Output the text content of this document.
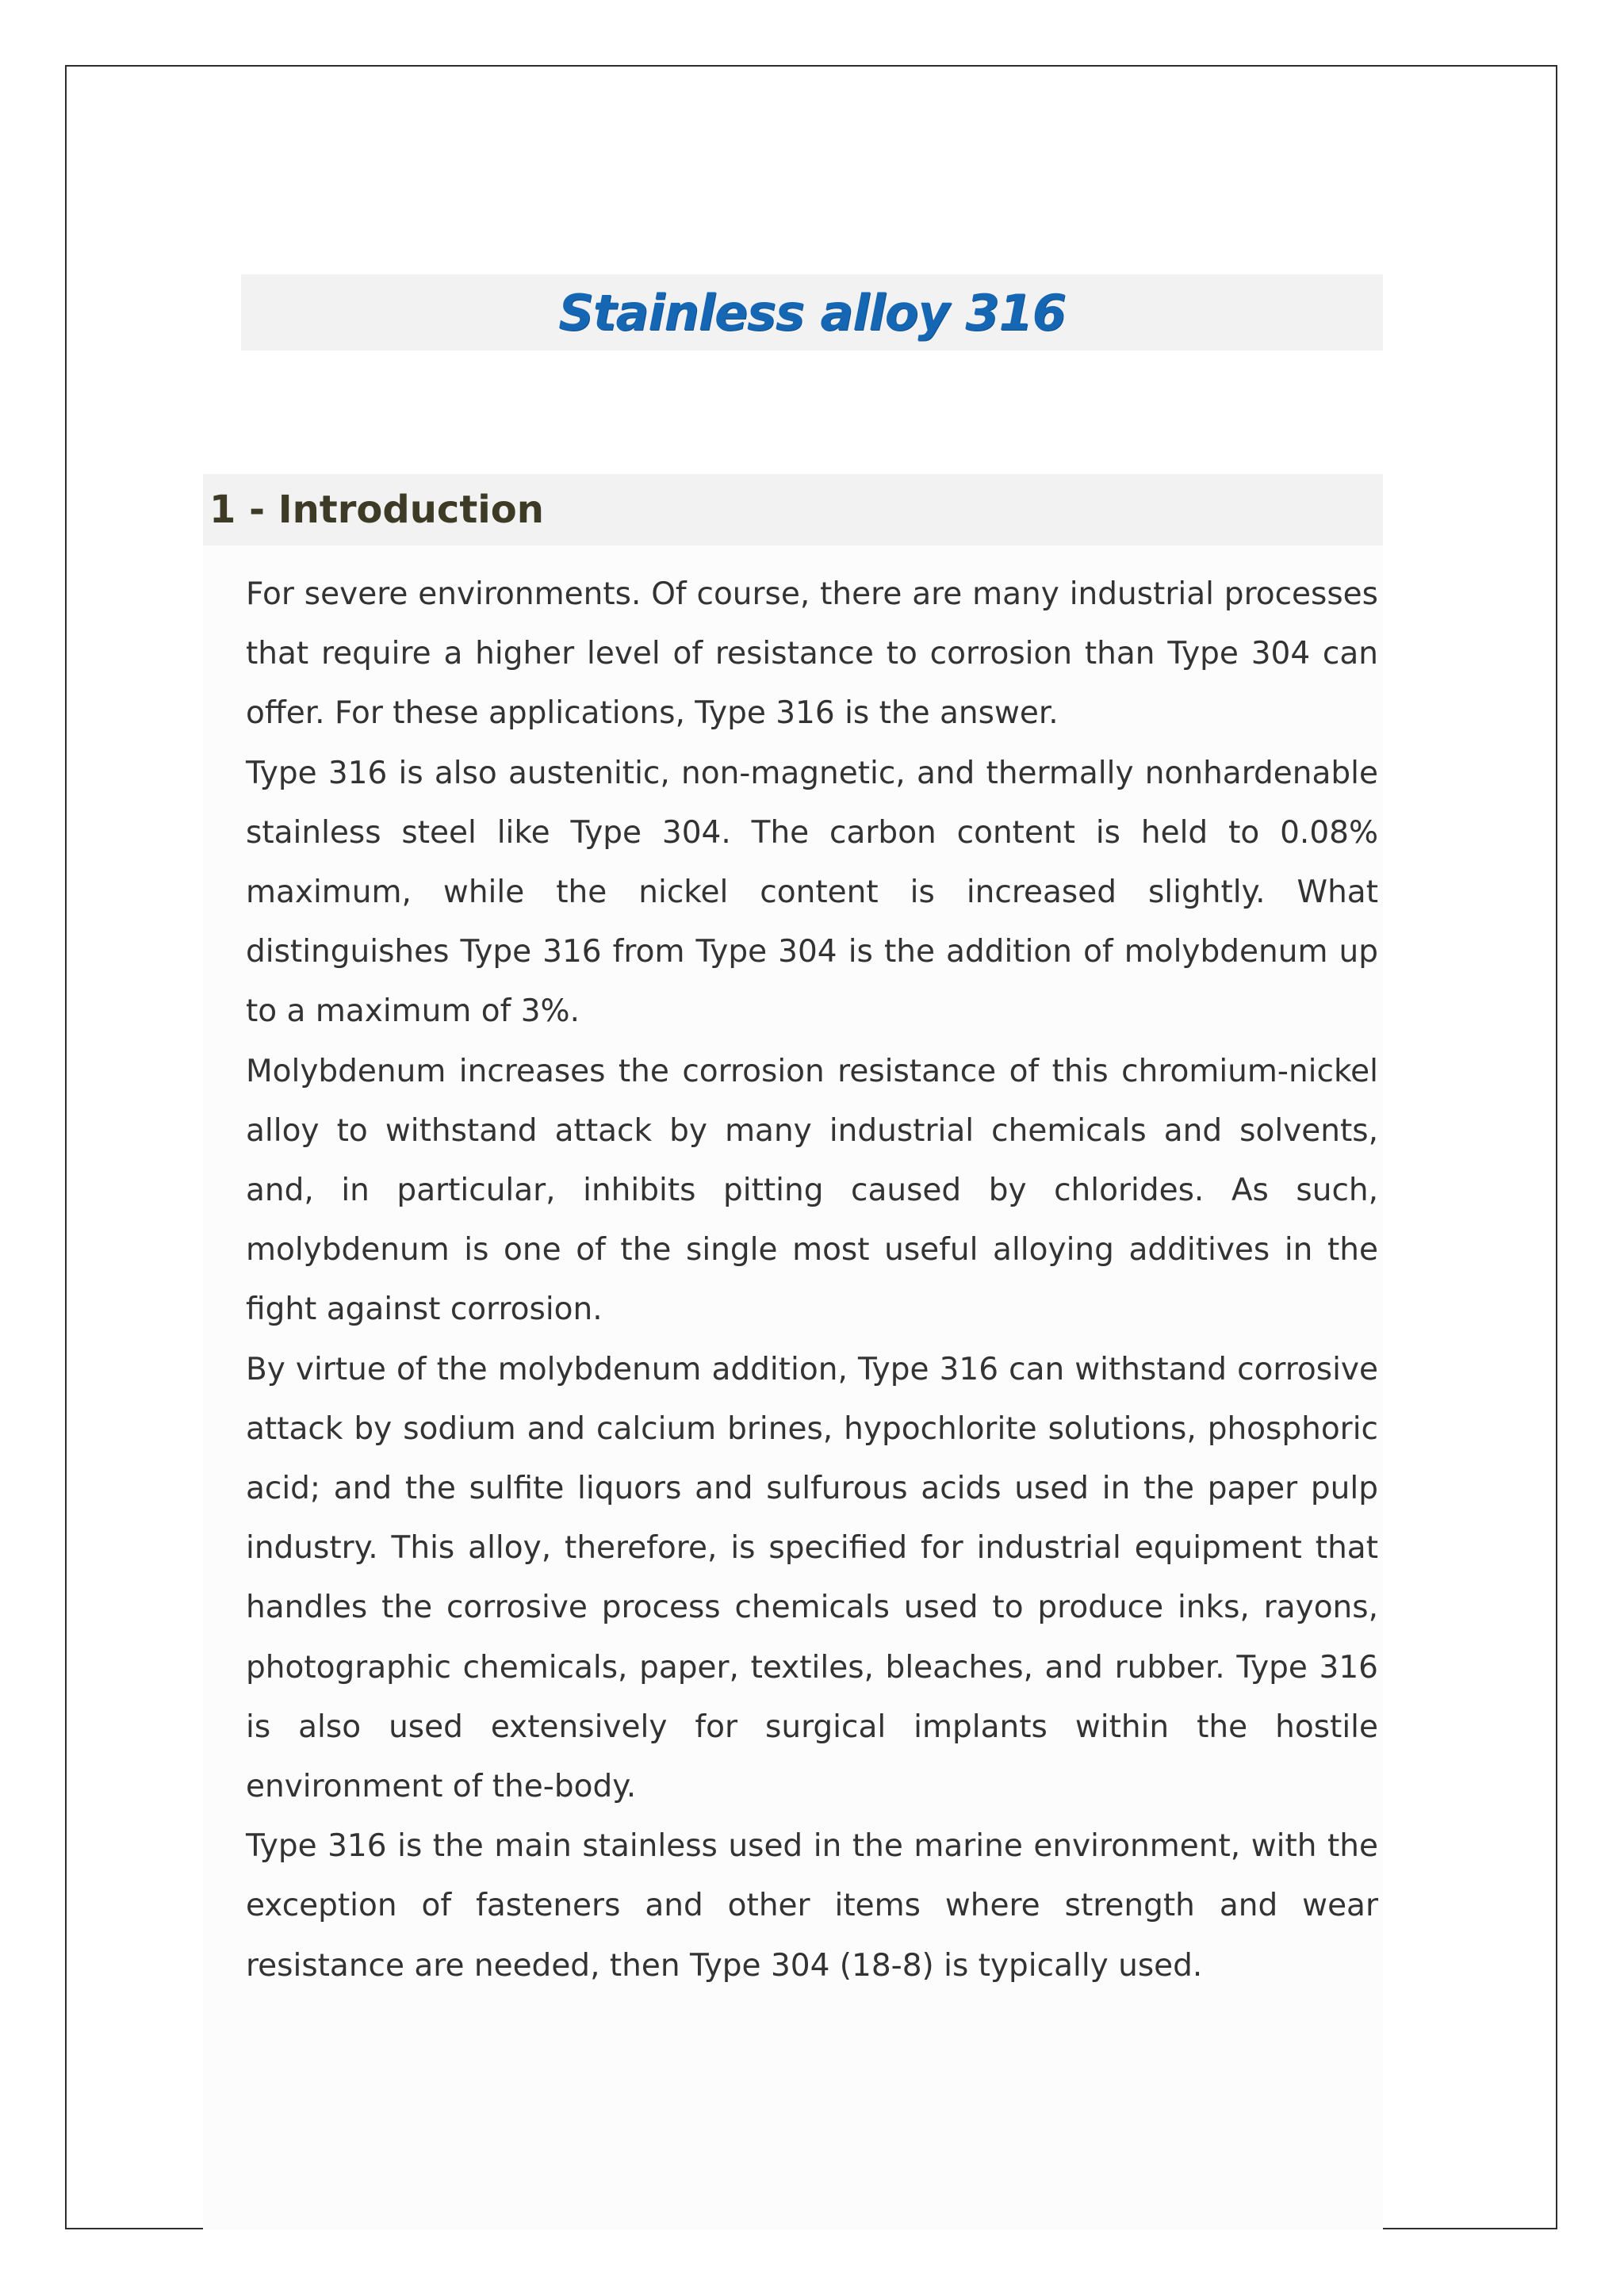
Stainless alloy 316
1 - Introduction

For severe environments. Of course, there are many industrial processes that require a higher level of resistance to corrosion than Type 304 can offer. For these applications, Type 316 is the answer.

Type 316 is also austenitic, non-magnetic, and thermally nonhardenable stainless steel like Type 304. The carbon content is held to 0.08% maximum, while the nickel content is increased slightly. What distinguishes Type 316 from Type 304 is the addition of molybdenum up to a maximum of 3%.

Molybdenum increases the corrosion resistance of this chromium-nickel alloy to withstand attack by many industrial chemicals and solvents, and, in particular, inhibits pitting caused by chlorides. As such, molybdenum is one of the single most useful alloying additives in the fight against corrosion.

By virtue of the molybdenum addition, Type 316 can withstand corrosive attack by sodium and calcium brines, hypochlorite solutions, phosphoric acid; and the sulfite liquors and sulfurous acids used in the paper pulp industry. This alloy, therefore, is specified for industrial equipment that handles the corrosive process chemicals used to produce inks, rayons, photographic chemicals, paper, textiles, bleaches, and rubber. Type 316 is also used extensively for surgical implants within the hostile environment of the-body.

Type 316 is the main stainless used in the marine environment, with the exception of fasteners and other items where strength and wear resistance are needed, then Type 304 (18-8) is typically used.
